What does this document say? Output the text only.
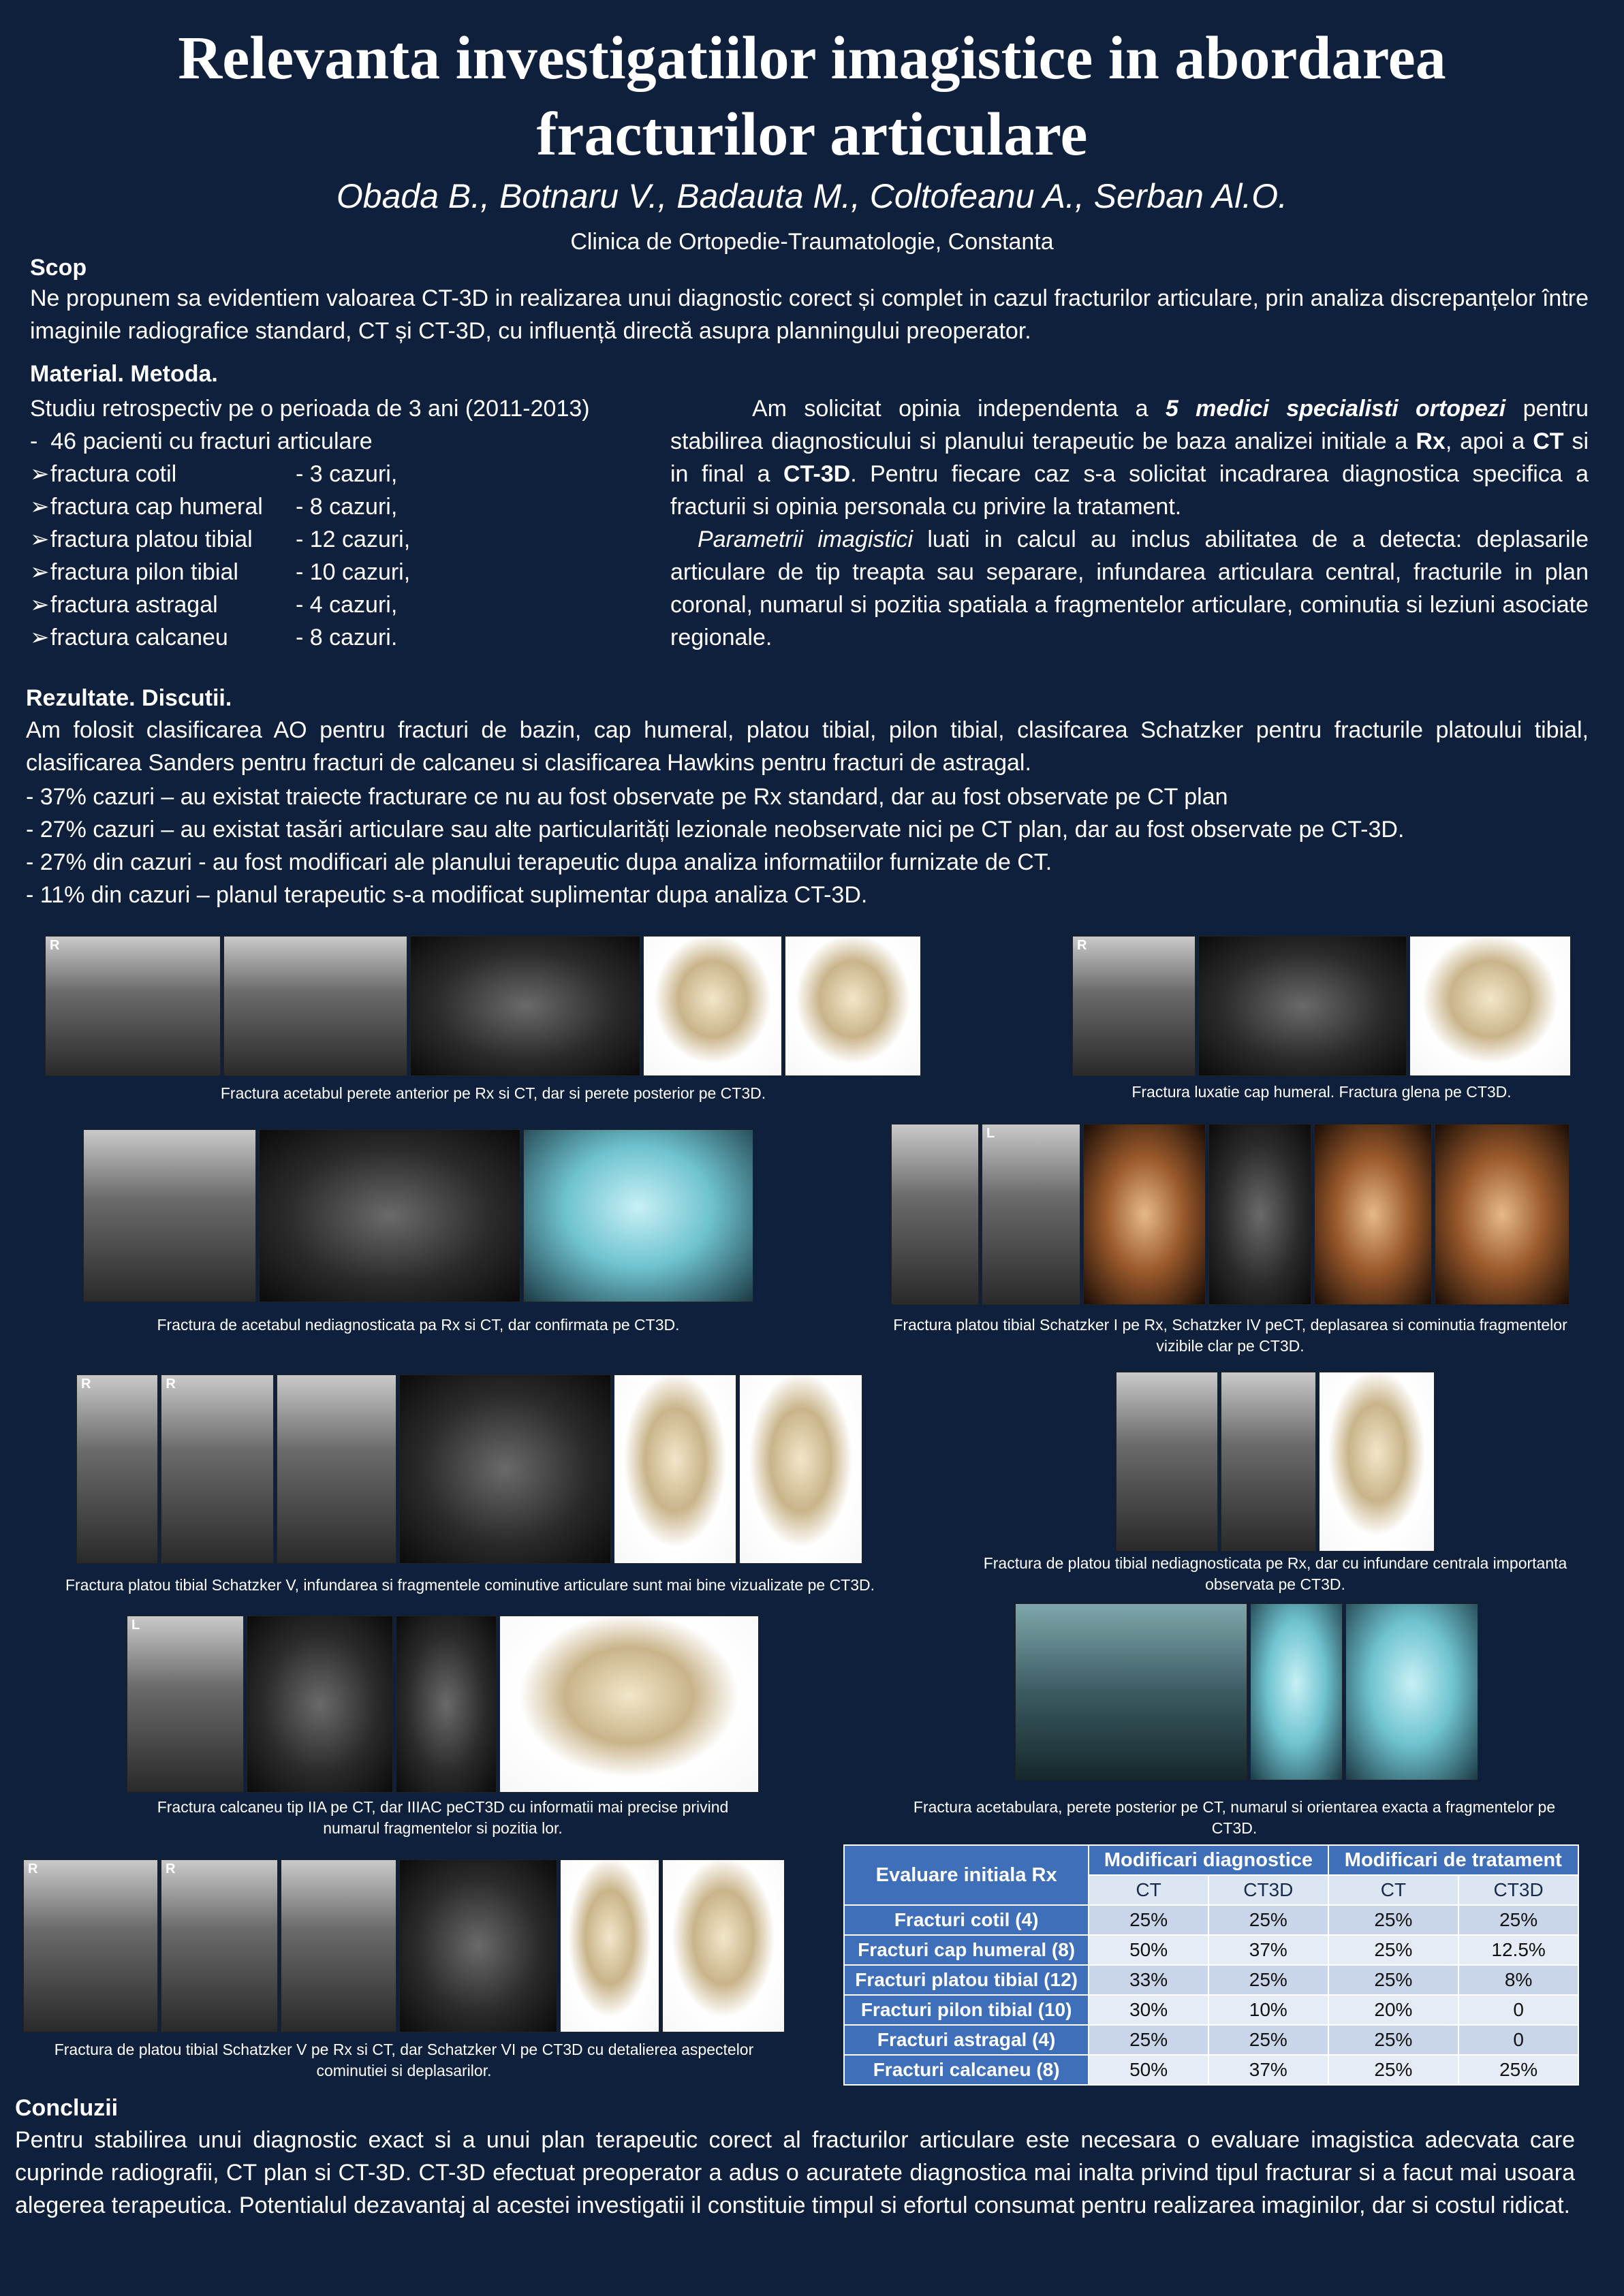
Relevanta investigatiilor imagistice in abordarea fracturilor articulare
Obada B., Botnaru V., Badauta M., Coltofeanu A., Serban Al.O.
Clinica de Ortopedie-Traumatologie, Constanta
Scop
Ne propunem sa evidentiem valoarea CT-3D in realizarea unui diagnostic corect și complet in cazul fracturilor articulare, prin analiza discrepanțelor între imaginile radiografice standard, CT și CT-3D, cu influență directă asupra planningului preoperator.
Material. Metoda.
Studiu retrospectiv pe o perioada de 3 ani (2011-2013)
-  46 pacienti cu fracturi articulare
➢fractura cotil	- 3 cazuri,
➢fractura cap humeral - 8 cazuri,
➢fractura platou tibial - 12 cazuri,
➢fractura pilon tibial - 10 cazuri,
➢fractura astragal	- 4 cazuri,
➢fractura calcaneu	- 8 cazuri.
Am solicitat opinia independenta a 5 medici specialisti ortopezi pentru stabilirea diagnosticului si planului terapeutic be baza analizei initiale a Rx, apoi a CT si in final a CT-3D. Pentru fiecare caz s-a solicitat incadrarea diagnostica specifica a fracturii si opinia personala cu privire la tratament.
Parametrii imagistici luati in calcul au inclus abilitatea de a detecta: deplasarile articulare de tip treapta sau separare, infundarea articulara central, fracturile in plan coronal, numarul si pozitia spatiala a fragmentelor articulare, cominutia si leziuni asociate regionale.
Rezultate. Discutii.
Am folosit clasificarea AO pentru fracturi de bazin, cap humeral, platou tibial, pilon tibial, clasifcarea Schatzker pentru fracturile platoului tibial, clasificarea Sanders pentru fracturi de calcaneu si clasificarea Hawkins pentru fracturi de astragal.
- 37% cazuri – au existat traiecte fracturare ce nu au fost observate pe Rx standard, dar au fost observate pe CT plan
- 27% cazuri – au existat tasări articulare sau alte particularități lezionale neobservate nici pe CT plan, dar au fost observate pe CT-3D.
- 27% din cazuri - au fost modificari ale planului terapeutic dupa analiza informatiilor furnizate de CT.
- 11% din cazuri – planul terapeutic s-a modificat suplimentar dupa analiza CT-3D.
R
Fractura acetabul perete anterior pe Rx si CT, dar si perete posterior pe CT3D.
R
Fractura luxatie cap humeral. Fractura glena pe CT3D.
Fractura de acetabul nediagnosticata pa Rx si CT, dar confirmata pe CT3D.
L
Fractura platou tibial Schatzker I pe Rx, Schatzker IV peCT, deplasarea si cominutia fragmentelor vizibile clar pe CT3D.
R	R
Fractura platou tibial Schatzker V, infundarea si fragmentele cominutive articulare sunt mai bine vizualizate pe CT3D.
Fractura de platou tibial nediagnosticata pe Rx, dar cu infundare centrala importanta observata pe CT3D.
L
Fractura calcaneu tip IIA pe CT, dar IIIAC peCT3D cu informatii mai precise privind numarul fragmentelor si pozitia lor.
Fractura acetabulara, perete posterior pe CT, numarul si orientarea exacta a fragmentelor pe CT3D.
R	R
Fractura de platou tibial Schatzker V pe Rx si CT, dar Schatzker VI pe CT3D cu detalierea aspectelor cominutiei si deplasarilor.
Evaluare initiala Rx	Modificari diagnostice		Modificari de tratament	
	CT	CT3D	CT	CT3D
Fracturi cotil (4)	25%	25%	25%	25%
Fracturi cap humeral (8)	50%	37%	25%	12.5%
Fracturi platou tibial (12)	33%	25%	25%	8%
Fracturi pilon tibial (10)	30%	10%	20%	0
Fracturi astragal (4)	25%	25%	25%	0
Fracturi calcaneu (8)	50%	37%	25%	25%
Concluzii
Pentru stabilirea unui diagnostic exact si a unui plan terapeutic corect al fracturilor articulare este necesara o evaluare imagistica adecvata care cuprinde radiografii, CT plan si CT-3D. CT-3D efectuat preoperator a adus o acuratete diagnostica mai inalta privind tipul fracturar si a facut mai usoara alegerea terapeutica. Potentialul dezavantaj al acestei investigatii il constituie timpul si efortul consumat pentru realizarea imaginilor, dar si costul ridicat.
